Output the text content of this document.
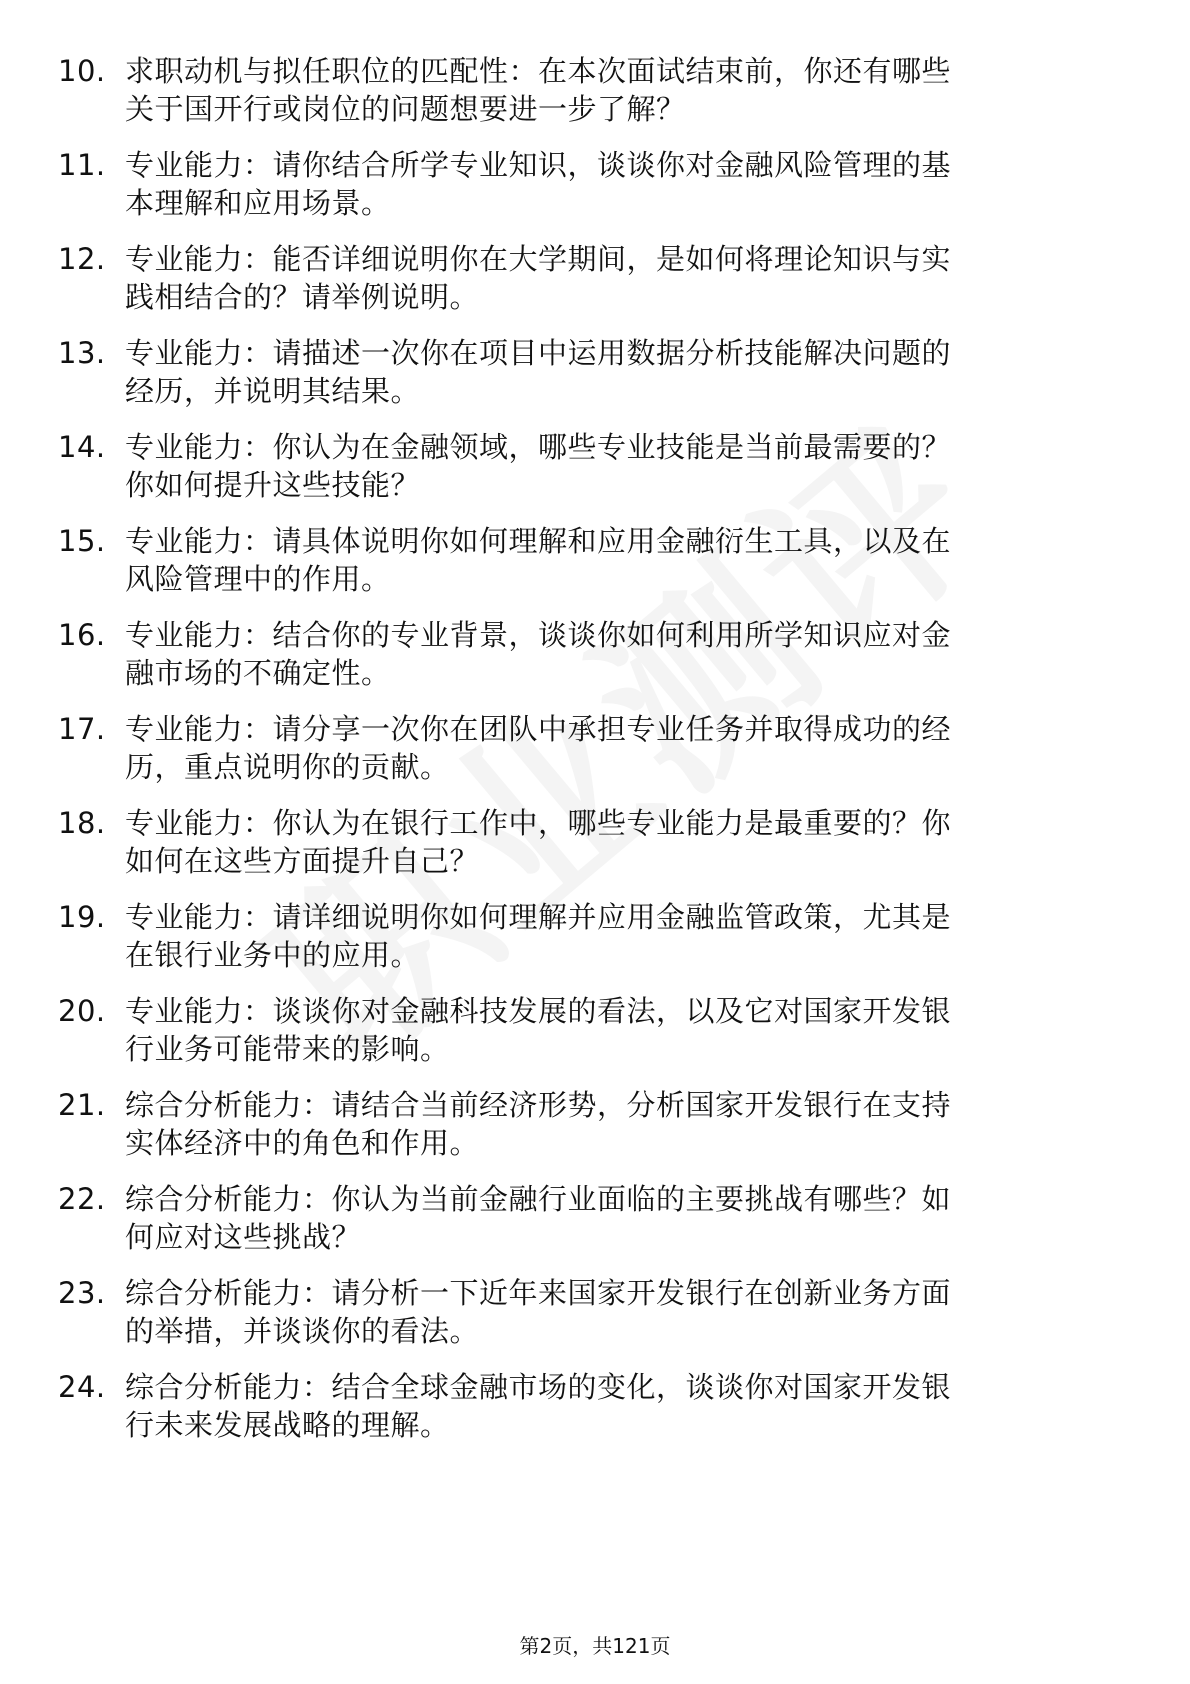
10. 求职动机与拟任职位的匹配性：在本次面试结束前，你还有哪些
关于国开行或岗位的问题想要进一步了解？
11. 专业能力：请你结合所学专业知识，谈谈你对金融风险管理的基
本理解和应用场景。
12. 专业能力：能否详细说明你在大学期间，是如何将理论知识与实
践相结合的？请举例说明。
13. 专业能力：请描述一次你在项目中运用数据分析技能解决问题的
经历，并说明其结果。
14. 专业能力：你认为在金融领域，哪些专业技能是当前最需要的？
你如何提升这些技能？
15. 专业能力：请具体说明你如何理解和应用金融衍生工具，以及在
风险管理中的作用。
16. 专业能力：结合你的专业背景，谈谈你如何利用所学知识应对金
融市场的不确定性。
17. 专业能力：请分享一次你在团队中承担专业任务并取得成功的经
历，重点说明你的贡献。
18. 专业能力：你认为在银行工作中，哪些专业能力是最重要的？你
如何在这些方面提升自己？
19. 专业能力：请详细说明你如何理解并应用金融监管政策，尤其是
在银行业务中的应用。
20. 专业能力：谈谈你对金融科技发展的看法，以及它对国家开发银
行业务可能带来的影响。
21. 综合分析能力：请结合当前经济形势，分析国家开发银行在支持
实体经济中的角色和作用。
22. 综合分析能力：你认为当前金融行业面临的主要挑战有哪些？如
何应对这些挑战？
23. 综合分析能力：请分析一下近年来国家开发银行在创新业务方面
的举措，并谈谈你的看法。
24. 综合分析能力：结合全球金融市场的变化，谈谈你对国家开发银
行未来发展战略的理解。
第2页，共121页
